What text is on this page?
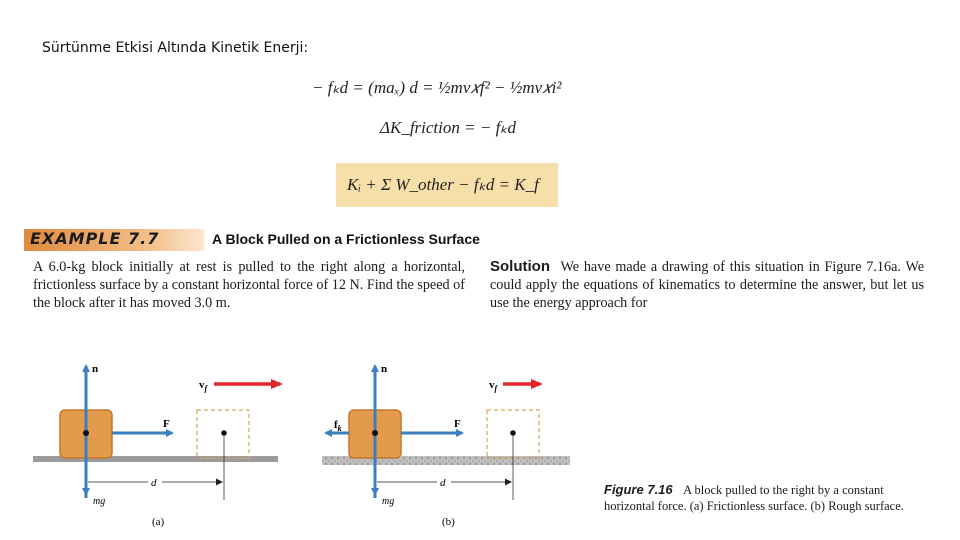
Sürtünme Etkisi Altında Kinetik Enerji:
− fₖd = (maₓ) d = ½mv𝑥f² − ½mv𝑥i²
ΔK_friction = − fₖd
Kᵢ + Σ W_other − fₖd = K_f
EXAMPLE 7.7	A Block Pulled on a Frictionless Surface
A 6.0-kg block initially at rest is pulled to the right along a horizontal, frictionless surface by a constant horizontal force of 12 N. Find the speed of the block after it has moved 3.0 m.
Solution We have made a drawing of this situation in Figure 7.16a. We could apply the equations of kinematics to determine the answer, but let us use the energy approach for
n
F
$v_f$
d
mg
(a)
n
F
$f_k$
$v_f$
d
mg
(b)
Figure 7.16 A block pulled to the right by a constant horizontal force. (a) Frictionless surface. (b) Rough surface.
